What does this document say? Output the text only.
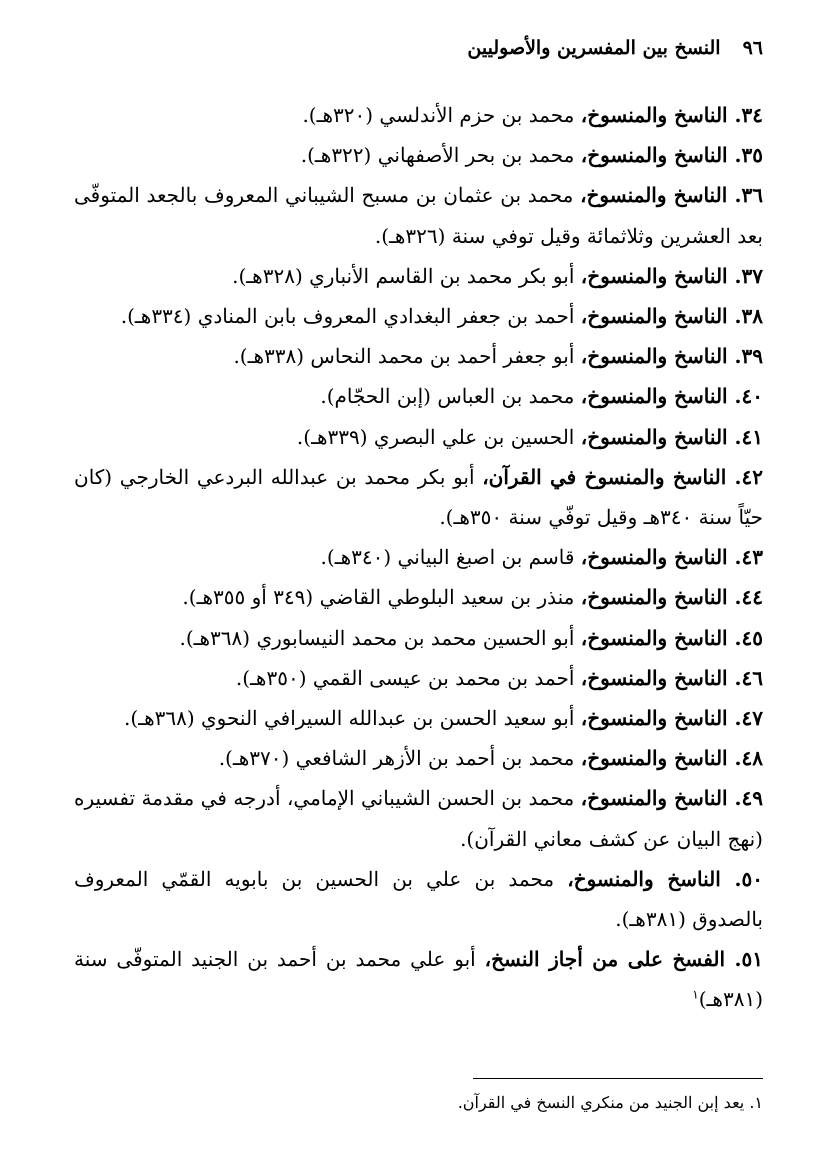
٩٦
النسخ بين المفسرين والأصوليين

٣٤. الناسخ والمنسوخ، محمد بن حزم الأندلسي (٣٢٠هـ).

٣٥. الناسخ والمنسوخ، محمد بن بحر الأصفهاني (٣٢٢هـ).

٣٦. الناسخ والمنسوخ، محمد بن عثمان بن مسبح الشيباني المعروف بالجعد المتوفّى بعد العشرين وثلاثمائة وقيل توفي سنة (٣٢٦هـ).

٣٧. الناسخ والمنسوخ، أبو بكر محمد بن القاسم الأنباري (٣٢٨هـ).

٣٨. الناسخ والمنسوخ، أحمد بن جعفر البغدادي المعروف بابن المنادي (٣٣٤هـ).

٣٩. الناسخ والمنسوخ، أبو جعفر أحمد بن محمد النحاس (٣٣٨هـ).

٤٠. الناسخ والمنسوخ، محمد بن العباس (إبن الحجّام).

٤١. الناسخ والمنسوخ، الحسين بن علي البصري (٣٣٩هـ).

٤٢. الناسخ والمنسوخ في القرآن، أبو بكر محمد بن عبدالله البردعي الخارجي (كان حيّاً سنة ٣٤٠هـ وقيل توفّي سنة ٣٥٠هـ).

٤٣. الناسخ والمنسوخ، قاسم بن اصبغ البياني (٣٤٠هـ).

٤٤. الناسخ والمنسوخ، منذر بن سعيد البلوطي القاضي (٣٤٩ أو ٣٥٥هـ).

٤٥. الناسخ والمنسوخ، أبو الحسين محمد بن محمد النيسابوري (٣٦٨هـ).

٤٦. الناسخ والمنسوخ، أحمد بن محمد بن عيسى القمي (٣٥٠هـ).

٤٧. الناسخ والمنسوخ، أبو سعيد الحسن بن عبدالله السيرافي النحوي (٣٦٨هـ).

٤٨. الناسخ والمنسوخ، محمد بن أحمد بن الأزهر الشافعي (٣٧٠هـ).

٤٩. الناسخ والمنسوخ، محمد بن الحسن الشيباني الإمامي، أدرجه في مقدمة تفسيره (نهج البيان عن كشف معاني القرآن).

٥٠. الناسخ والمنسوخ، محمد بن علي بن الحسين بن بابويه القمّي المعروف بالصدوق (٣٨١هـ).

٥١. الفسخ على من أجاز النسخ، أبو علي محمد بن أحمد بن الجنيد المتوفّى سنة (٣٨١هـ)$^١$

١. يعد إبن الجنيد من منكري النسخ في القرآن.
